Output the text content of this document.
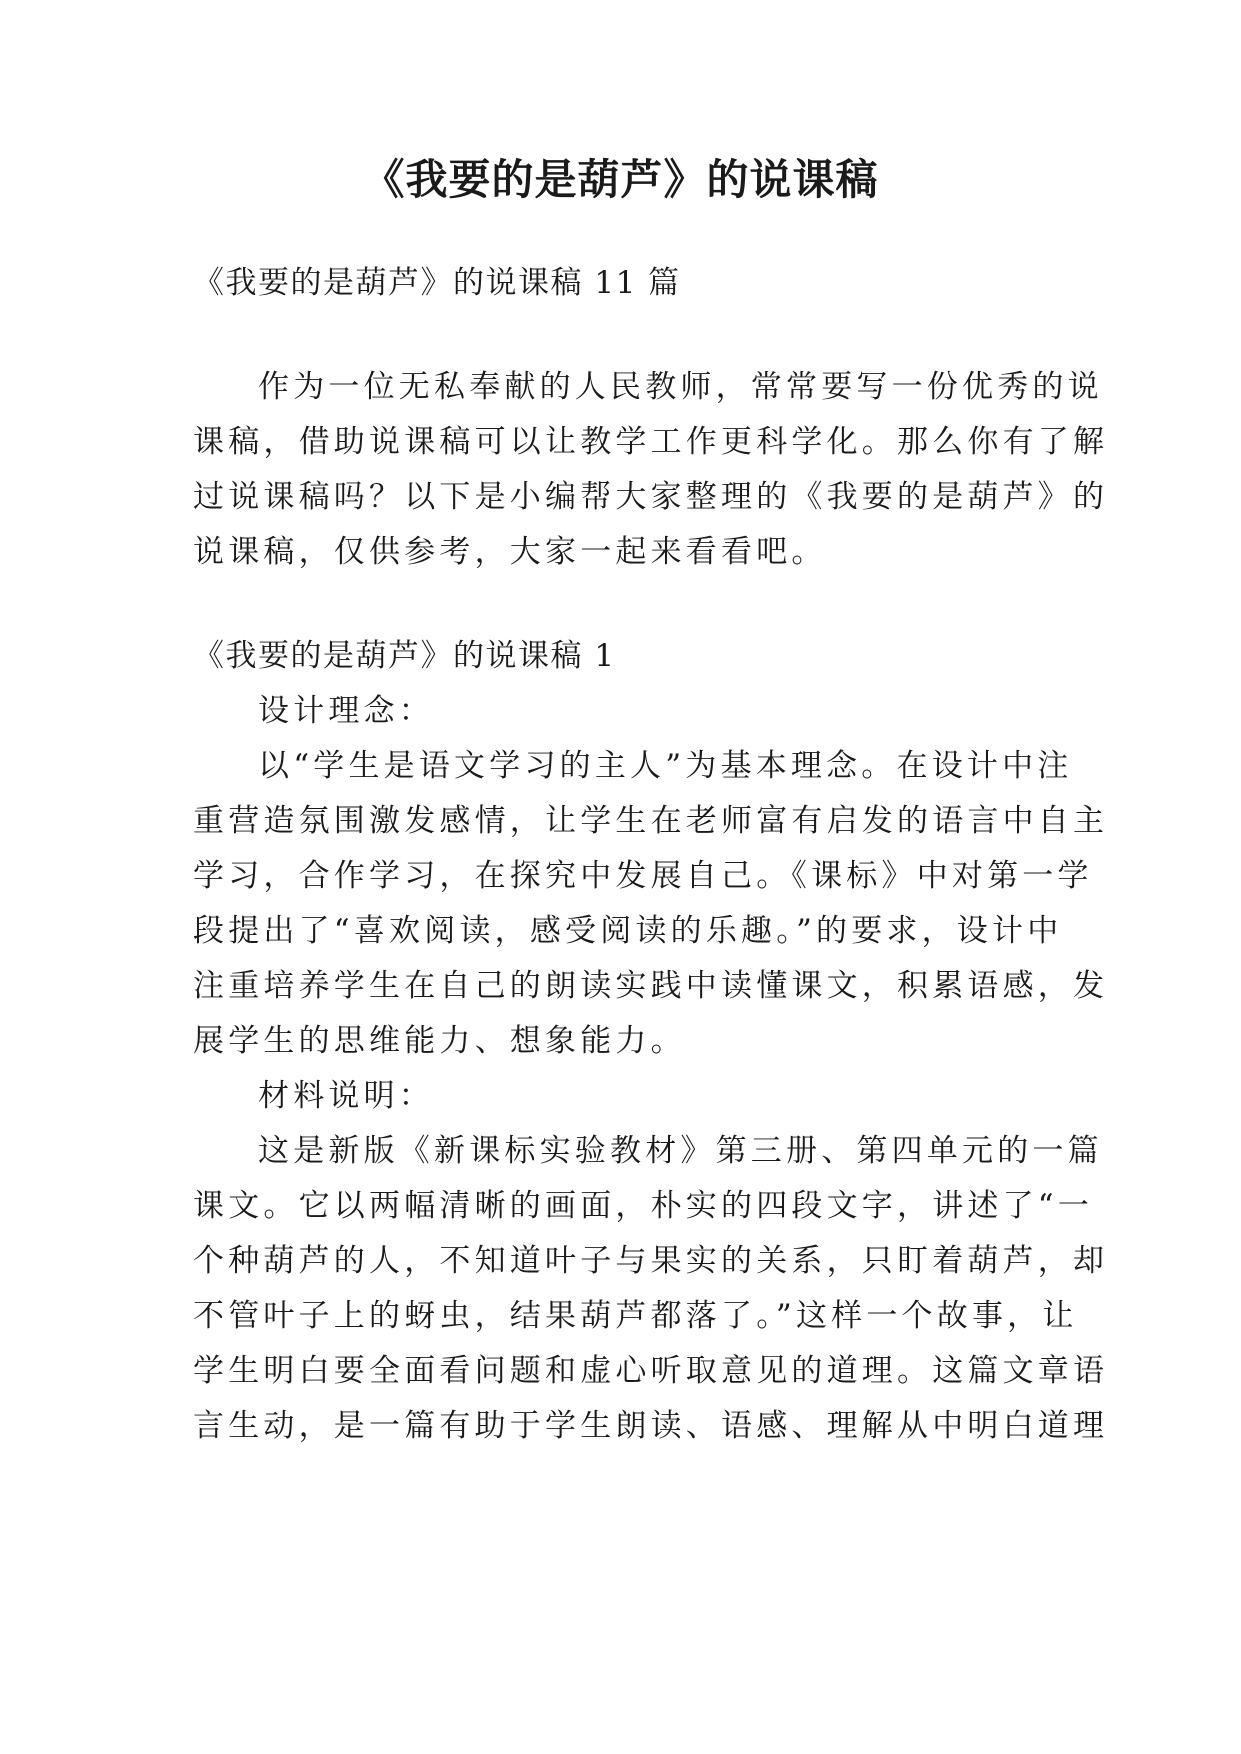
《我要的是葫芦》的说课稿
《我要的是葫芦》的说课稿 11 篇
作为一位无私奉献的人民教师，常常要写一份优秀的说
课稿，借助说课稿可以让教学工作更科学化。那么你有了解
过说课稿吗？以下是小编帮大家整理的《我要的是葫芦》的
说课稿，仅供参考，大家一起来看看吧。
《我要的是葫芦》的说课稿 1
设计理念：
以“学生是语文学习的主人”为基本理念。在设计中注
重营造氛围激发感情，让学生在老师富有启发的语言中自主
学习，合作学习，在探究中发展自己。《课标》中对第一学
段提出了“喜欢阅读，感受阅读的乐趣。”的要求，设计中
注重培养学生在自己的朗读实践中读懂课文，积累语感，发
展学生的思维能力、想象能力。
材料说明：
这是新版《新课标实验教材》第三册、第四单元的一篇
课文。它以两幅清晰的画面，朴实的四段文字，讲述了“一
个种葫芦的人，不知道叶子与果实的关系，只盯着葫芦，却
不管叶子上的蚜虫，结果葫芦都落了。”这样一个故事，让
学生明白要全面看问题和虚心听取意见的道理。这篇文章语
言生动，是一篇有助于学生朗读、语感、理解从中明白道理
